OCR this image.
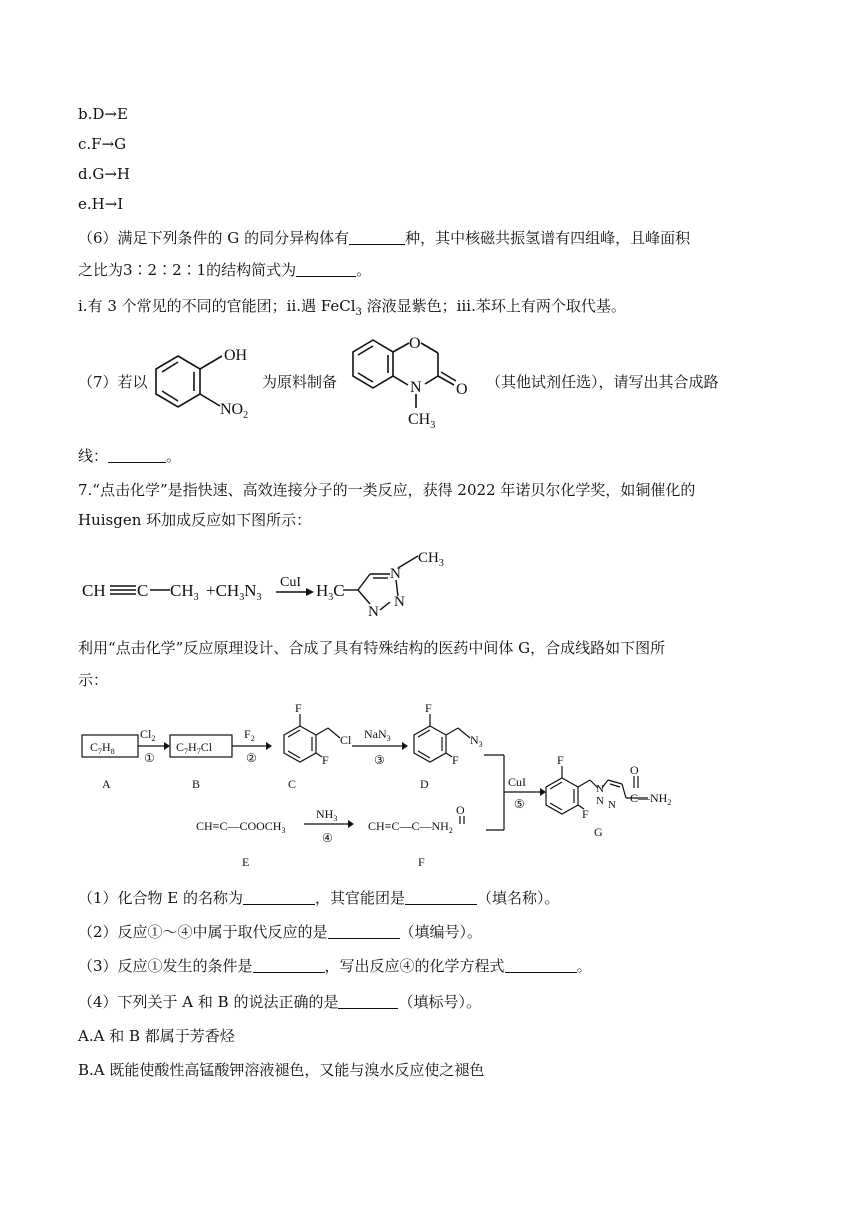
b.D→E
c.F→G
d.G→H
e.H→I
（6）满足下列条件的 G 的同分异构体有	种，其中核磁共振氢谱有四组峰，且峰面积
之比为3∶2∶2∶1的结构简式为	。
ⅰ.有 3 个常见的不同的官能团；ⅱ.遇 FeCl$_3$ 溶液显紫色；ⅲ.苯环上有两个取代基。
（7）若以
OH
$NO_2$
为原料制备
O
N O
$CH_3$
（其他试剂任选），请写出其合成路
线：	。
7.“点击化学”是指快速、高效连接分子的一类反应，获得 2022 年诺贝尔化学奖，如铜催化的
Huisgen 环加成反应如下图所示：
CH C $CH_3 +CH_3N_3$
CuI $H_3C$
N
N
N
$CH_3$
利用“点击化学”反应原理设计、合成了具有特殊结构的医药中间体 G，合成线路如下图所
示：
$C_7H_8$	$C_7H_7Cl$
$Cl_2$
①
$F_2$
②
NaN$_3$
③
CuI
⑤
$NH_3$
④
F
Cl
F
F
$N_3$
F
$CH\equiv C—COOCH_3$
O
$CH\equiv C—C—NH_2$
F
F
N
N N
O
$C—NH_2$
A	B	C	D
E	F
G
（1）化合物 E 的名称为	，其官能团是	（填名称）。
（2）反应①～④中属于取代反应的是	（填编号）。
（3）反应①发生的条件是	，写出反应④的化学方程式	。
（4）下列关于 A 和 B 的说法正确的是	（填标号）。
A.A 和 B 都属于芳香烃
B.A 既能使酸性高锰酸钾溶液褪色，又能与溴水反应使之褪色
